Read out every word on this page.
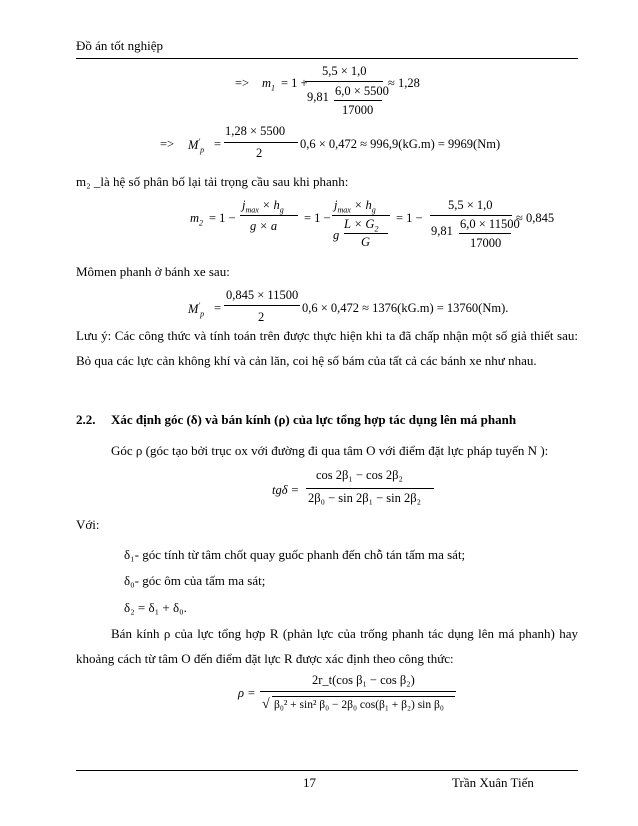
Đồ án tốt nghiệp
=> $m_1 = 1$ +
5,5 × 1,0
9,81 6,0 × 5500
17000
≈ 1,28
=> $M'_p$ =
1,28 × 5500
2
0,6 × 0,472 ≈ 996,9(kG.m) = 9969(Nm)
m₂ _là hệ số phân bố lại tải trọng cầu sau khi phanh:
$m_2 = 1$ −
$j_{max} \times h_g$
g × a
= 1 −
$j_{max} \times h_g$
g
$L \times G_2$
G
= 1 −
5,5 × 1,0
9,81 6,0 × 11500
17000
≈ 0,845
Mômen phanh ở bánh xe sau:
$M'_p$ =
0,845 × 11500
2
0,6 × 0,472 ≈ 1376(kG.m) = 13760(Nm).
Lưu ý: Các công thức và tính toán trên được thực hiện khi ta đã chấp nhận một số giả thiết sau: Bỏ qua các lực cản không khí và cản lăn, coi hệ số bám của tất cả các bánh xe như nhau.
2.2. Xác định góc (δ) và bán kính (ρ) của lực tổng hợp tác dụng lên má phanh
Góc ρ (góc tạo bởi trục ox với đường đi qua tâm O với điểm đặt lực pháp tuyến N ):
tgδ =
cos 2β₁ − cos 2β₂
2β₀ − sin 2β₁ − sin 2β₂
Với:
δ₁- góc tính từ tâm chốt quay guốc phanh đến chỗ tán tấm ma sát;
δ₀- góc ôm của tấm ma sát;
δ₂ = δ₁ + δ₀.
Bán kính ρ của lực tổng hợp R (phản lực của trống phanh tác dụng lên má phanh) hay khoảng cách từ tâm O đến điểm đặt lực R được xác định theo công thức:
ρ =
2r_t(cos β₁ − cos β₂)
√ β₀² + sin² β₀ − 2β₀ cos(β₁ + β₂) sin β₀
17	Trần Xuân Tiến
